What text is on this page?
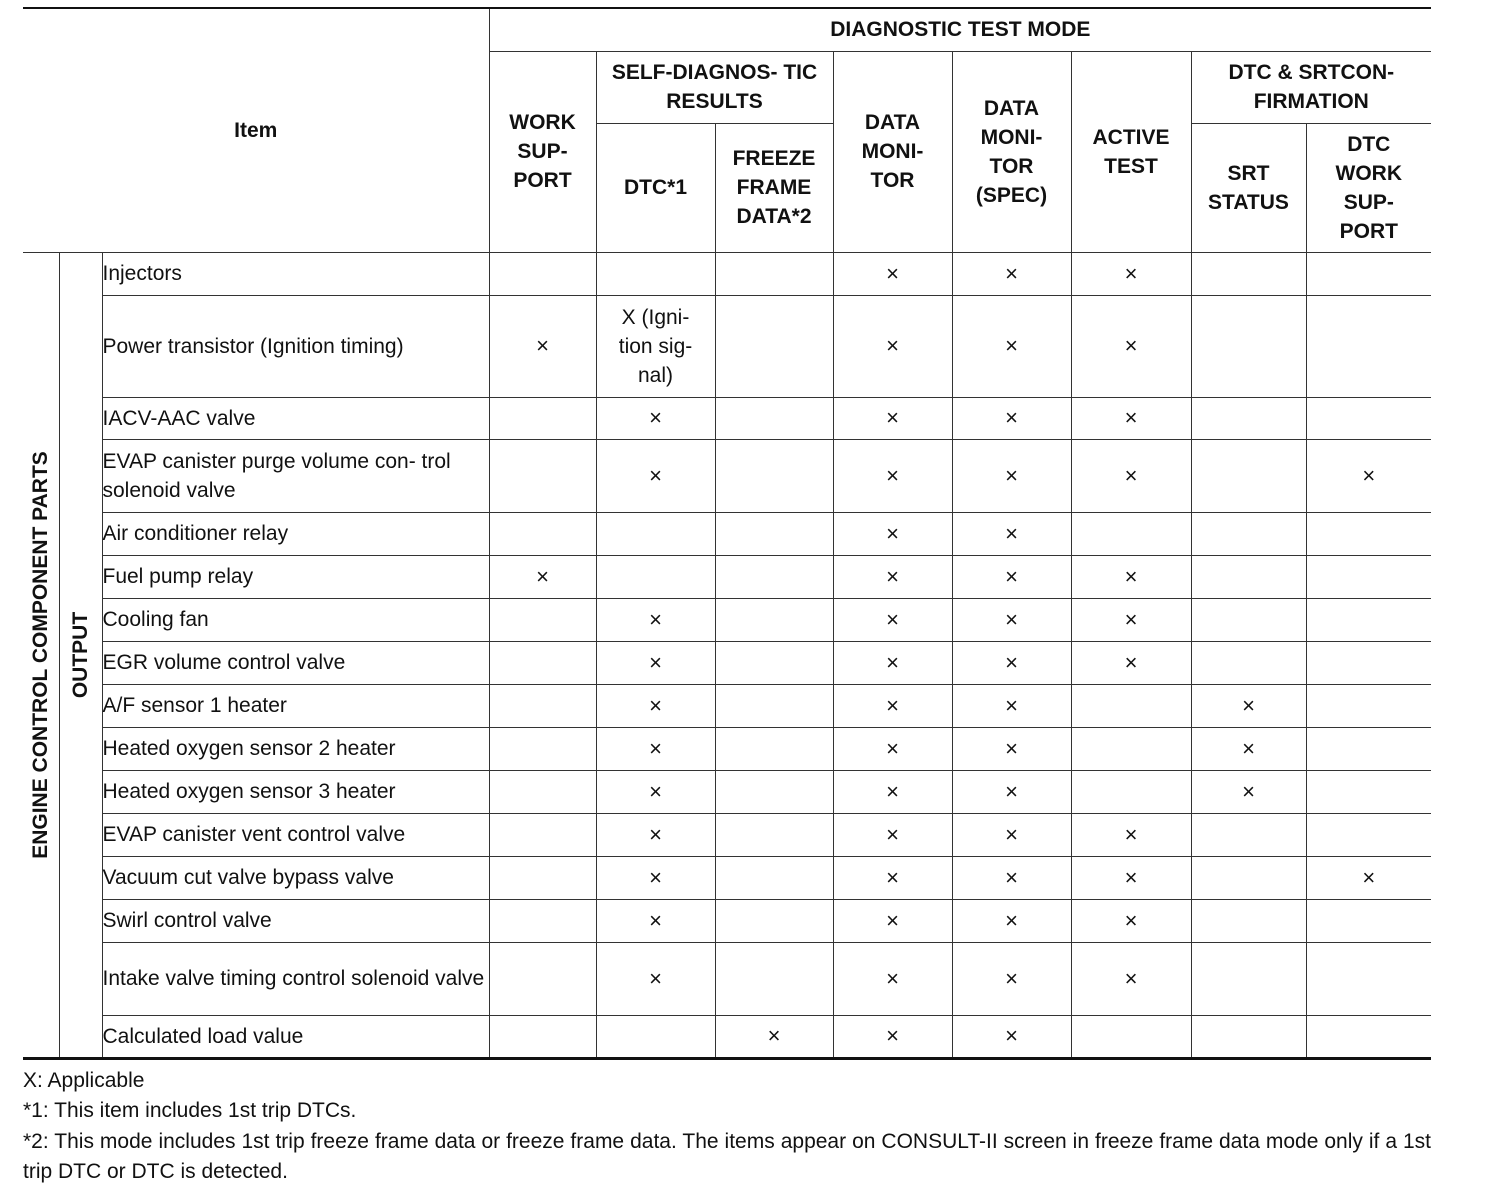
Item			DIAGNOSTIC TEST MODE							
			WORK SUP- PORT	SELF-DIAGNOS- TIC RESULTS		DATA MONI- TOR	DATA MONI- TOR (SPEC)	ACTIVE TEST	DTC & SRTCON- FIRMATION	
				DTC*1	FREEZE FRAME DATA*2				SRT STATUS	DTC WORK SUP- PORT

ENGINE CONTROL COMPONENT PARTS	OUTPUT	Injectors				×	×	×		
		Power transistor (Ignition timing)	×	X (Igni- tion sig- nal)		×	×	×		
		IACV-AAC valve		×		×	×	×		
		EVAP canister purge volume con- trol solenoid valve		×		×	×	×		×
		Air conditioner relay				×	×			
		Fuel pump relay	×			×	×	×		
		Cooling fan		×		×	×	×		
		EGR volume control valve		×		×	×	×		
		A/F sensor 1 heater		×		×	×		×	
		Heated oxygen sensor 2 heater		×		×	×		×	
		Heated oxygen sensor 3 heater		×		×	×		×	
		EVAP canister vent control valve		×		×	×	×		
		Vacuum cut valve bypass valve		×		×	×	×		×
		Swirl control valve		×		×	×	×		
		Intake valve timing control solenoid valve		×		×	×	×		
		Calculated load value			×	×	×			

X: Applicable

*1: This item includes 1st trip DTCs.

*2: This mode includes 1st trip freeze frame data or freeze frame data. The items appear on CONSULT-II screen in freeze frame data mode only if a 1st trip DTC or DTC is detected.
